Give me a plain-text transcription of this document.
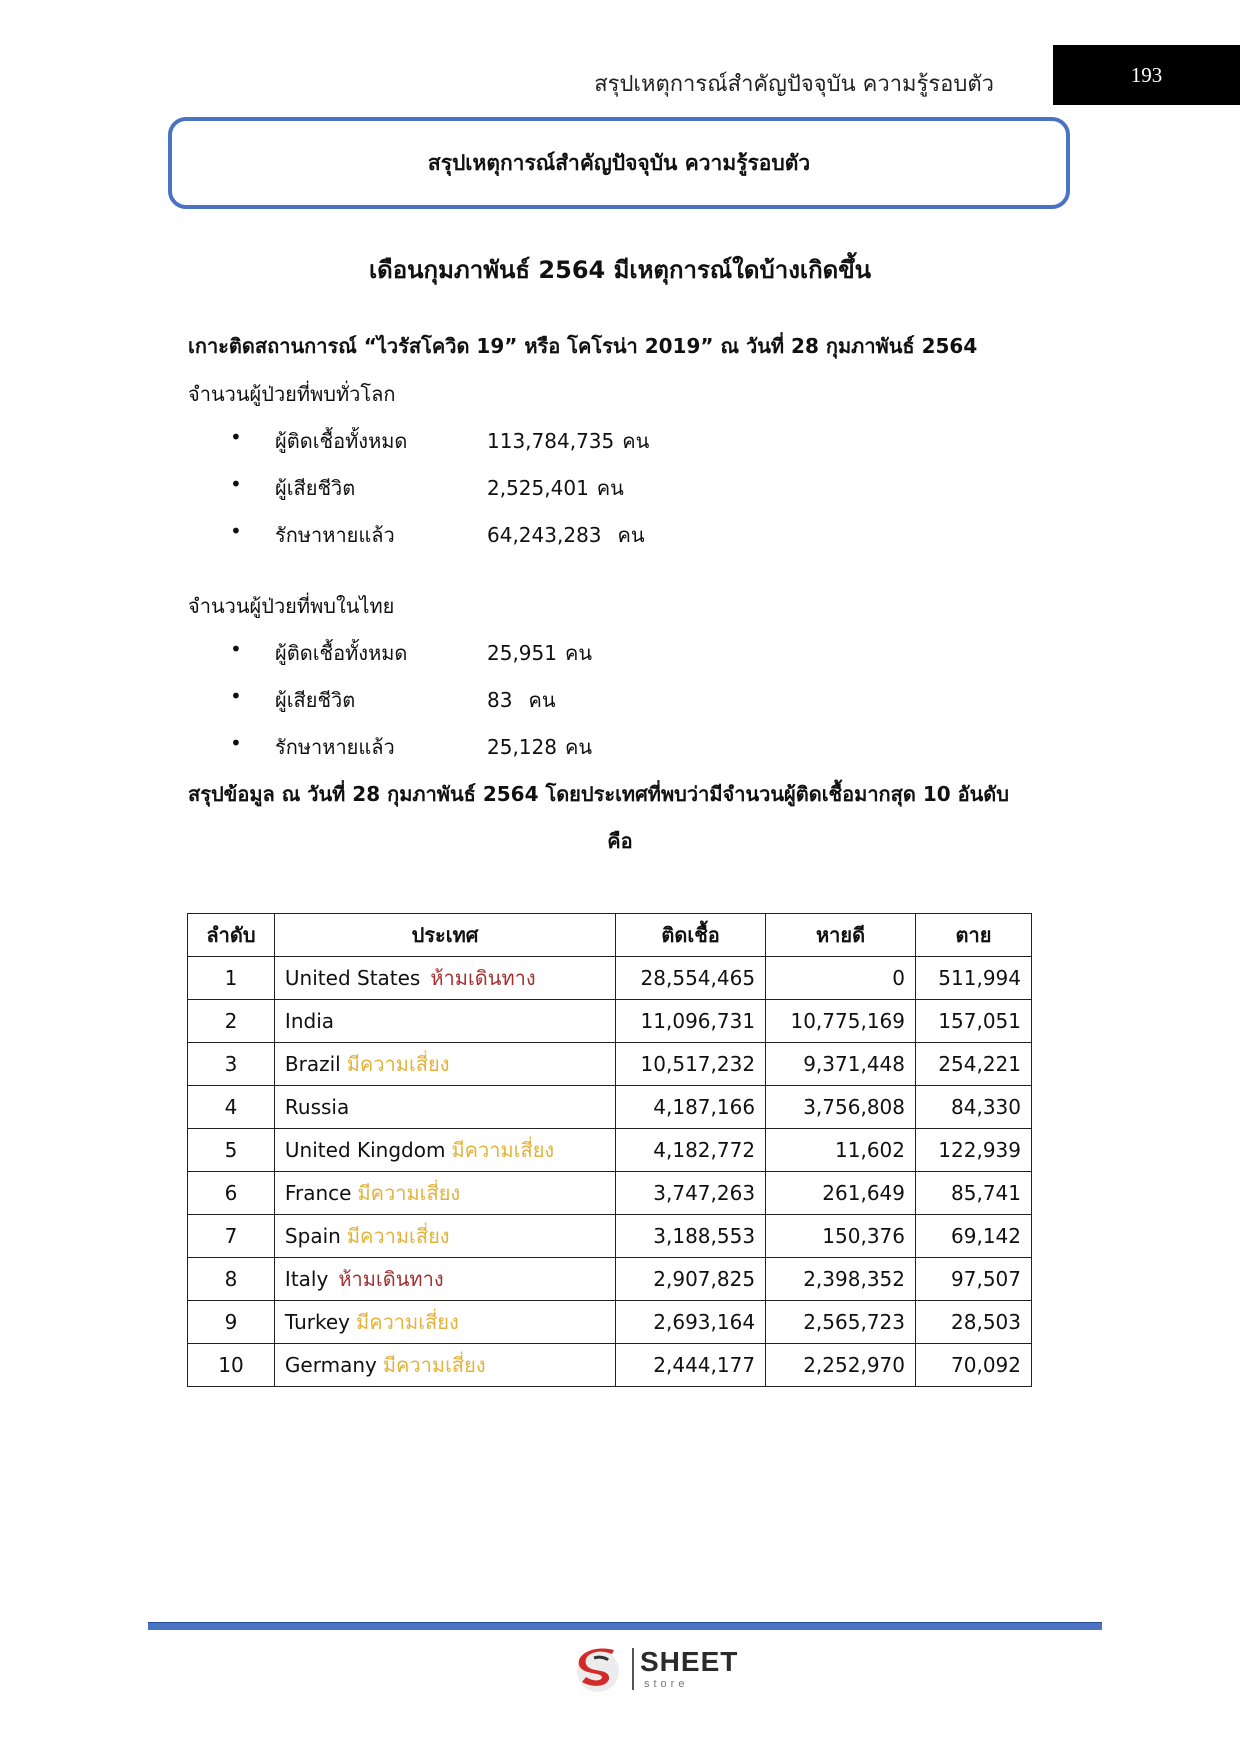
สรุปเหตุการณ์สำคัญปัจจุบัน ความรู้รอบตัว	193
สรุปเหตุการณ์สำคัญปัจจุบัน ความรู้รอบตัว
เดือนกุมภาพันธ์ 2564 มีเหตุการณ์ใดบ้างเกิดขึ้น
เกาะติดสถานการณ์ “ไวรัสโควิด 19” หรือ โคโรน่า 2019” ณ วันที่ 28 กุมภาพันธ์ 2564
จำนวนผู้ป่วยที่พบทั่วโลก
• ผู้ติดเชื้อทั้งหมด	113,784,735 คน
• ผู้เสียชีวิต	2,525,401 คน
• รักษาหายแล้ว	64,243,283 คน
จำนวนผู้ป่วยที่พบในไทย
• ผู้ติดเชื้อทั้งหมด	25,951 คน
• ผู้เสียชีวิต	83 คน
• รักษาหายแล้ว	25,128 คน
สรุปข้อมูล ณ วันที่ 28 กุมภาพันธ์ 2564 โดยประเทศที่พบว่ามีจำนวนผู้ติดเชื้อมากสุด 10 อันดับ
คือ
ลำดับ	ประเทศ	ติดเชื้อ	หายดี	ตาย
1	United States ห้ามเดินทาง	28,554,465	0	511,994
2	India	11,096,731	10,775,169	157,051
3	Brazil มีความเสี่ยง	10,517,232	9,371,448	254,221
4	Russia	4,187,166	3,756,808	84,330
5	United Kingdom มีความเสี่ยง	4,182,772	11,602	122,939
6	France มีความเสี่ยง	3,747,263	261,649	85,741
7	Spain มีความเสี่ยง	3,188,553	150,376	69,142
8	Italy ห้ามเดินทาง	2,907,825	2,398,352	97,507
9	Turkey มีความเสี่ยง	2,693,164	2,565,723	28,503
10	Germany มีความเสี่ยง	2,444,177	2,252,970	70,092
SHEET
store
